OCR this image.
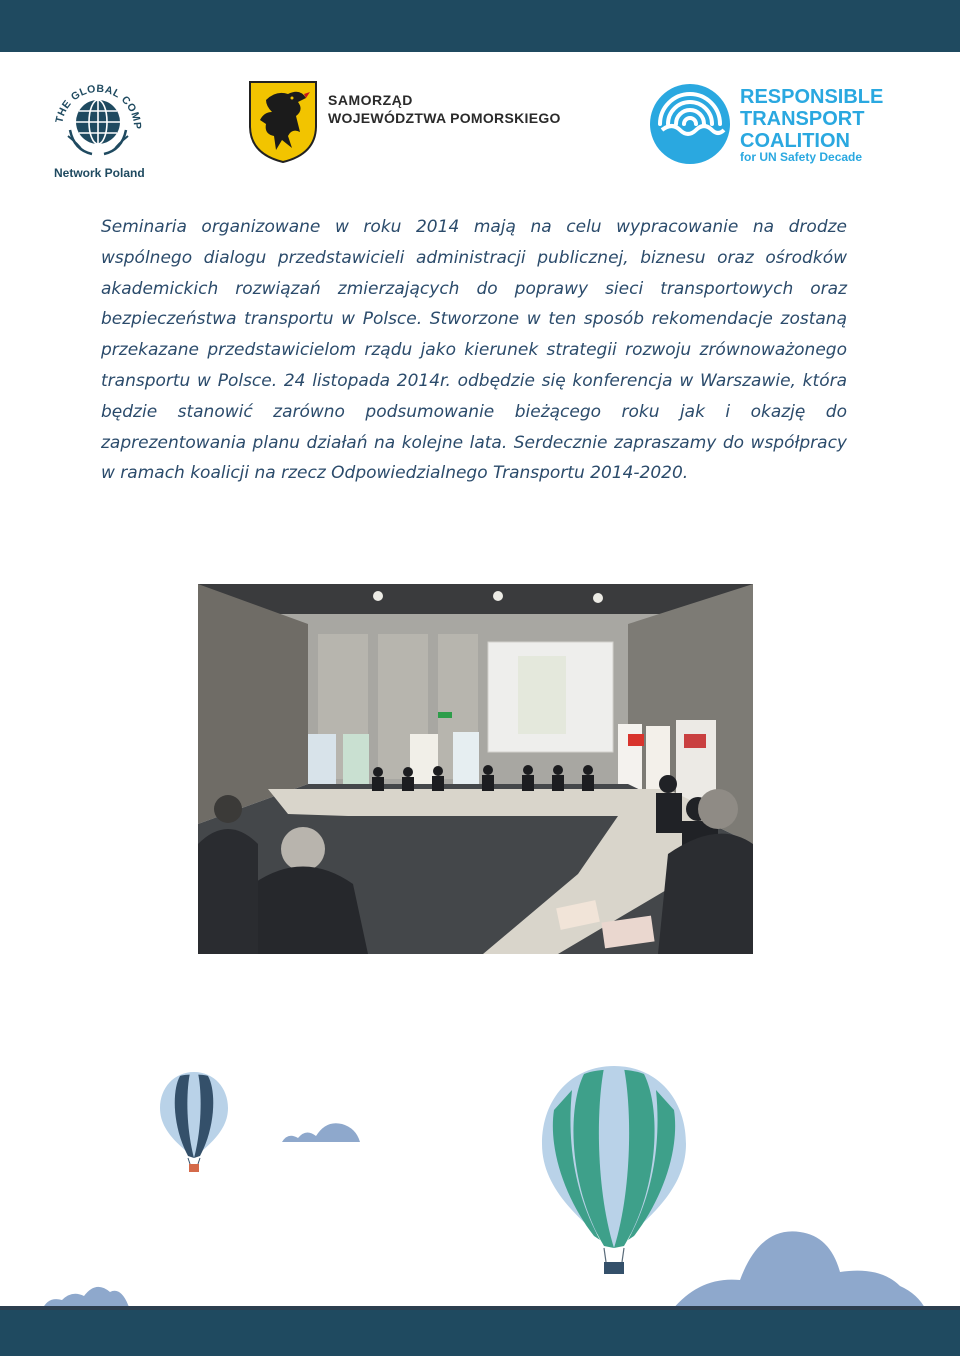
THE GLOBAL COMP
Network Poland
SAMORZĄD
WOJEWÓDZTWA POMORSKIEGO
RESPONSIBLE
TRANSPORT
COALITION
for UN Safety Decade

Seminaria organizowane w roku 2014 mają na celu wypracowanie na drodze wspólnego dialogu przedstawicieli administracji publicznej, biznesu oraz ośrodków akademickich rozwiązań zmierzających do poprawy sieci transportowych oraz bezpieczeństwa transportu w Polsce. Stworzone w ten sposób rekomendacje zostaną przekazane przedstawicielom rządu jako kierunek strategii rozwoju zrównoważonego transportu w Polsce. 24 listopada 2014r. odbędzie się konferencja w Warszawie, która będzie stanowić zarówno podsumowanie bieżącego roku jak i okazję do zaprezentowania planu działań na kolejne lata. Serdecznie zapraszamy do współpracy w ramach koalicji na rzecz Odpowiedzialnego Transportu 2014-2020.
